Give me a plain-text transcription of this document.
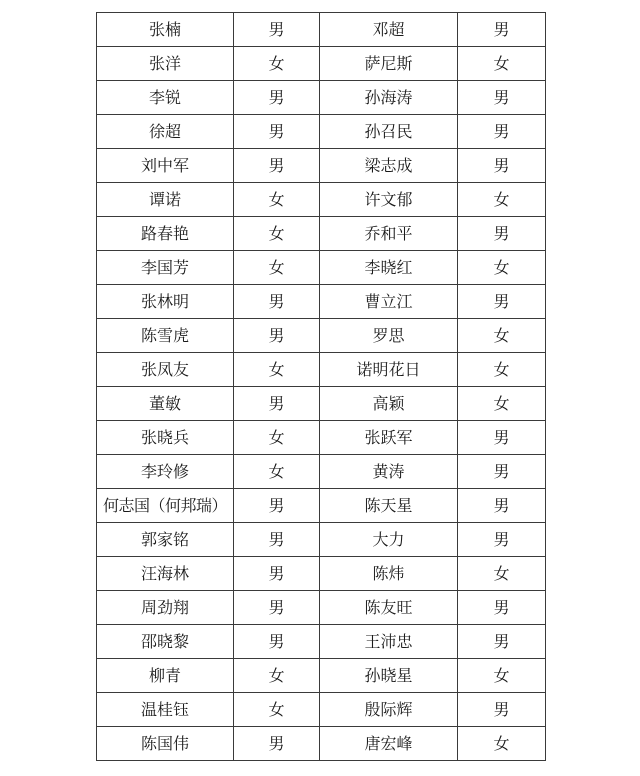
张楠	男	邓超	男
张洋	女	萨尼斯	女
李锐	男	孙海涛	男
徐超	男	孙召民	男
刘中军	男	梁志成	男
谭诺	女	许文郁	女
路春艳	女	乔和平	男
李国芳	女	李晓红	女
张林明	男	曹立江	男
陈雪虎	男	罗思	女
张凤友	女	诺明花日	女
董敏	男	高颖	女
张晓兵	女	张跃军	男
李玲修	女	黄涛	男
何志国（何邦瑞）	男	陈天星	男
郭家铭	男	大力	男
汪海林	男	陈炜	女
周劲翔	男	陈友旺	男
邵晓黎	男	王沛忠	男
柳青	女	孙晓星	女
温桂钰	女	殷际辉	男
陈国伟	男	唐宏峰	女
